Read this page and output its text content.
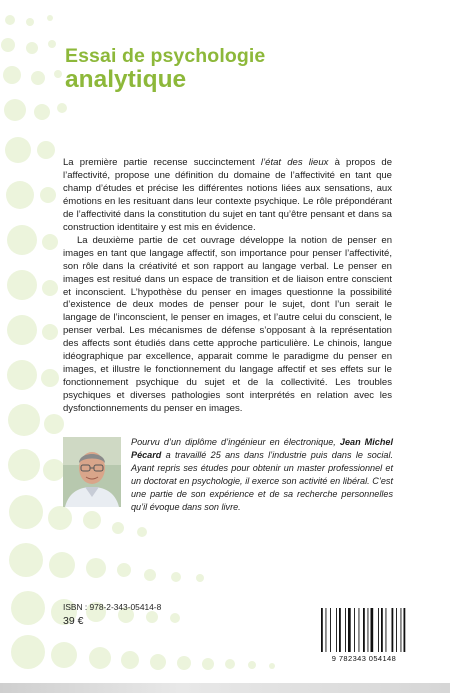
Essai de psychologie
analytique

La première partie recense succinctement l’état des lieux à propos de l’affectivité, propose une définition du domaine de l’affectivité en tant que champ d’études et précise les différentes notions liées aux sensations, aux émotions en les resituant dans leur contexte psychique. Le rôle prépondérant de l’affectivité dans la constitution du sujet en tant qu’être pensant et dans sa construction identitaire y est mis en évidence.

La deuxième partie de cet ouvrage développe la notion de penser en images en tant que langage affectif, son importance pour penser l’affectivité, son rôle dans la créativité et son rapport au langage verbal. Le penser en images est resitué dans un espace de transition et de liaison entre conscient et inconscient. L’hypothèse du penser en images questionne la possibilité d’existence de deux modes de penser pour le sujet, dont l’un serait le langage de l’inconscient, le penser en images, et l’autre celui du conscient, le penser verbal. Les mécanismes de défense s’opposant à la représentation des affects sont étudiés dans cette approche particulière. Le chinois, langue idéographique par excellence, apparait comme le paradigme du penser en images, et illustre le fonctionnement du langage affectif et ses effets sur le fonctionnement psychique du sujet et de la collectivité. Les troubles psychiques et diverses pathologies sont interprétés en relation avec les dysfonctionnements du penser en images.

Pourvu d’un diplôme d’ingénieur en électronique, Jean Michel Pécard a travaillé 25 ans dans l’industrie puis dans le social. Ayant repris ses études pour obtenir un master professionnel et un doctorat en psychologie, il exerce son activité en libéral. C’est une partie de son expérience et de sa recherche personnelles qu’il évoque dans son livre.
ISBN : 978-2-343-05414-8
39 €
9 782343 054148
